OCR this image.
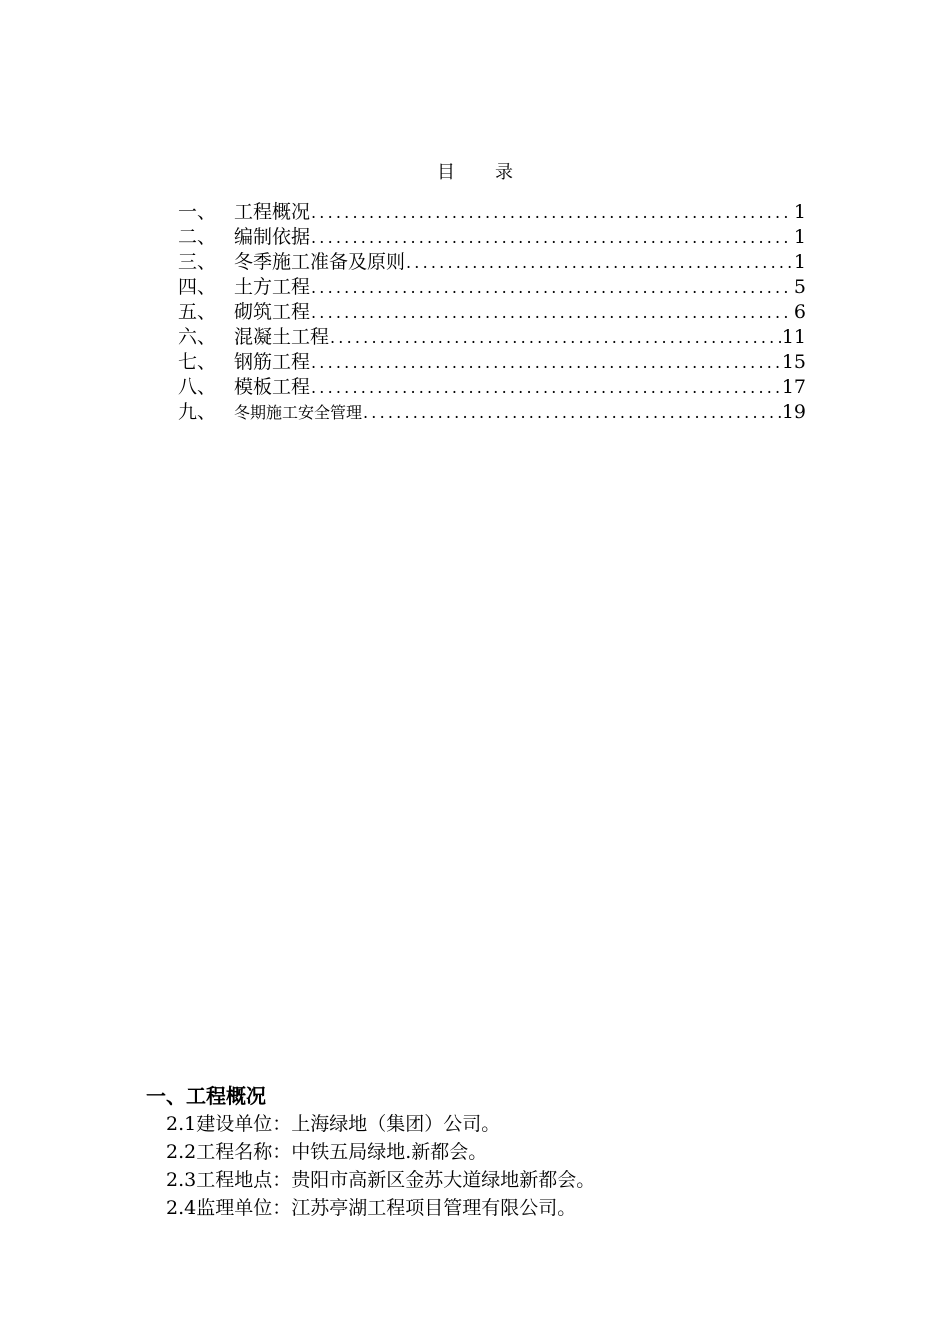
目 录
一、 工程概况 .....	1
二、 编制依据 .....	1
三、 冬季施工准备及原则 .....	1
四、 土方工程 .....	5
五、 砌筑工程 .....	6
六、 混凝土工程 .....	11
七、 钢筋工程 .....	15
八、 模板工程 .....	17
九、	冬期施工安全管理 .....	19
一、工程概况
2.1建设单位：上海绿地（集团）公司。
2.2工程名称：中铁五局绿地.新都会。
2.3工程地点：贵阳市高新区金苏大道绿地新都会。
2.4监理单位：江苏亭湖工程项目管理有限公司。
